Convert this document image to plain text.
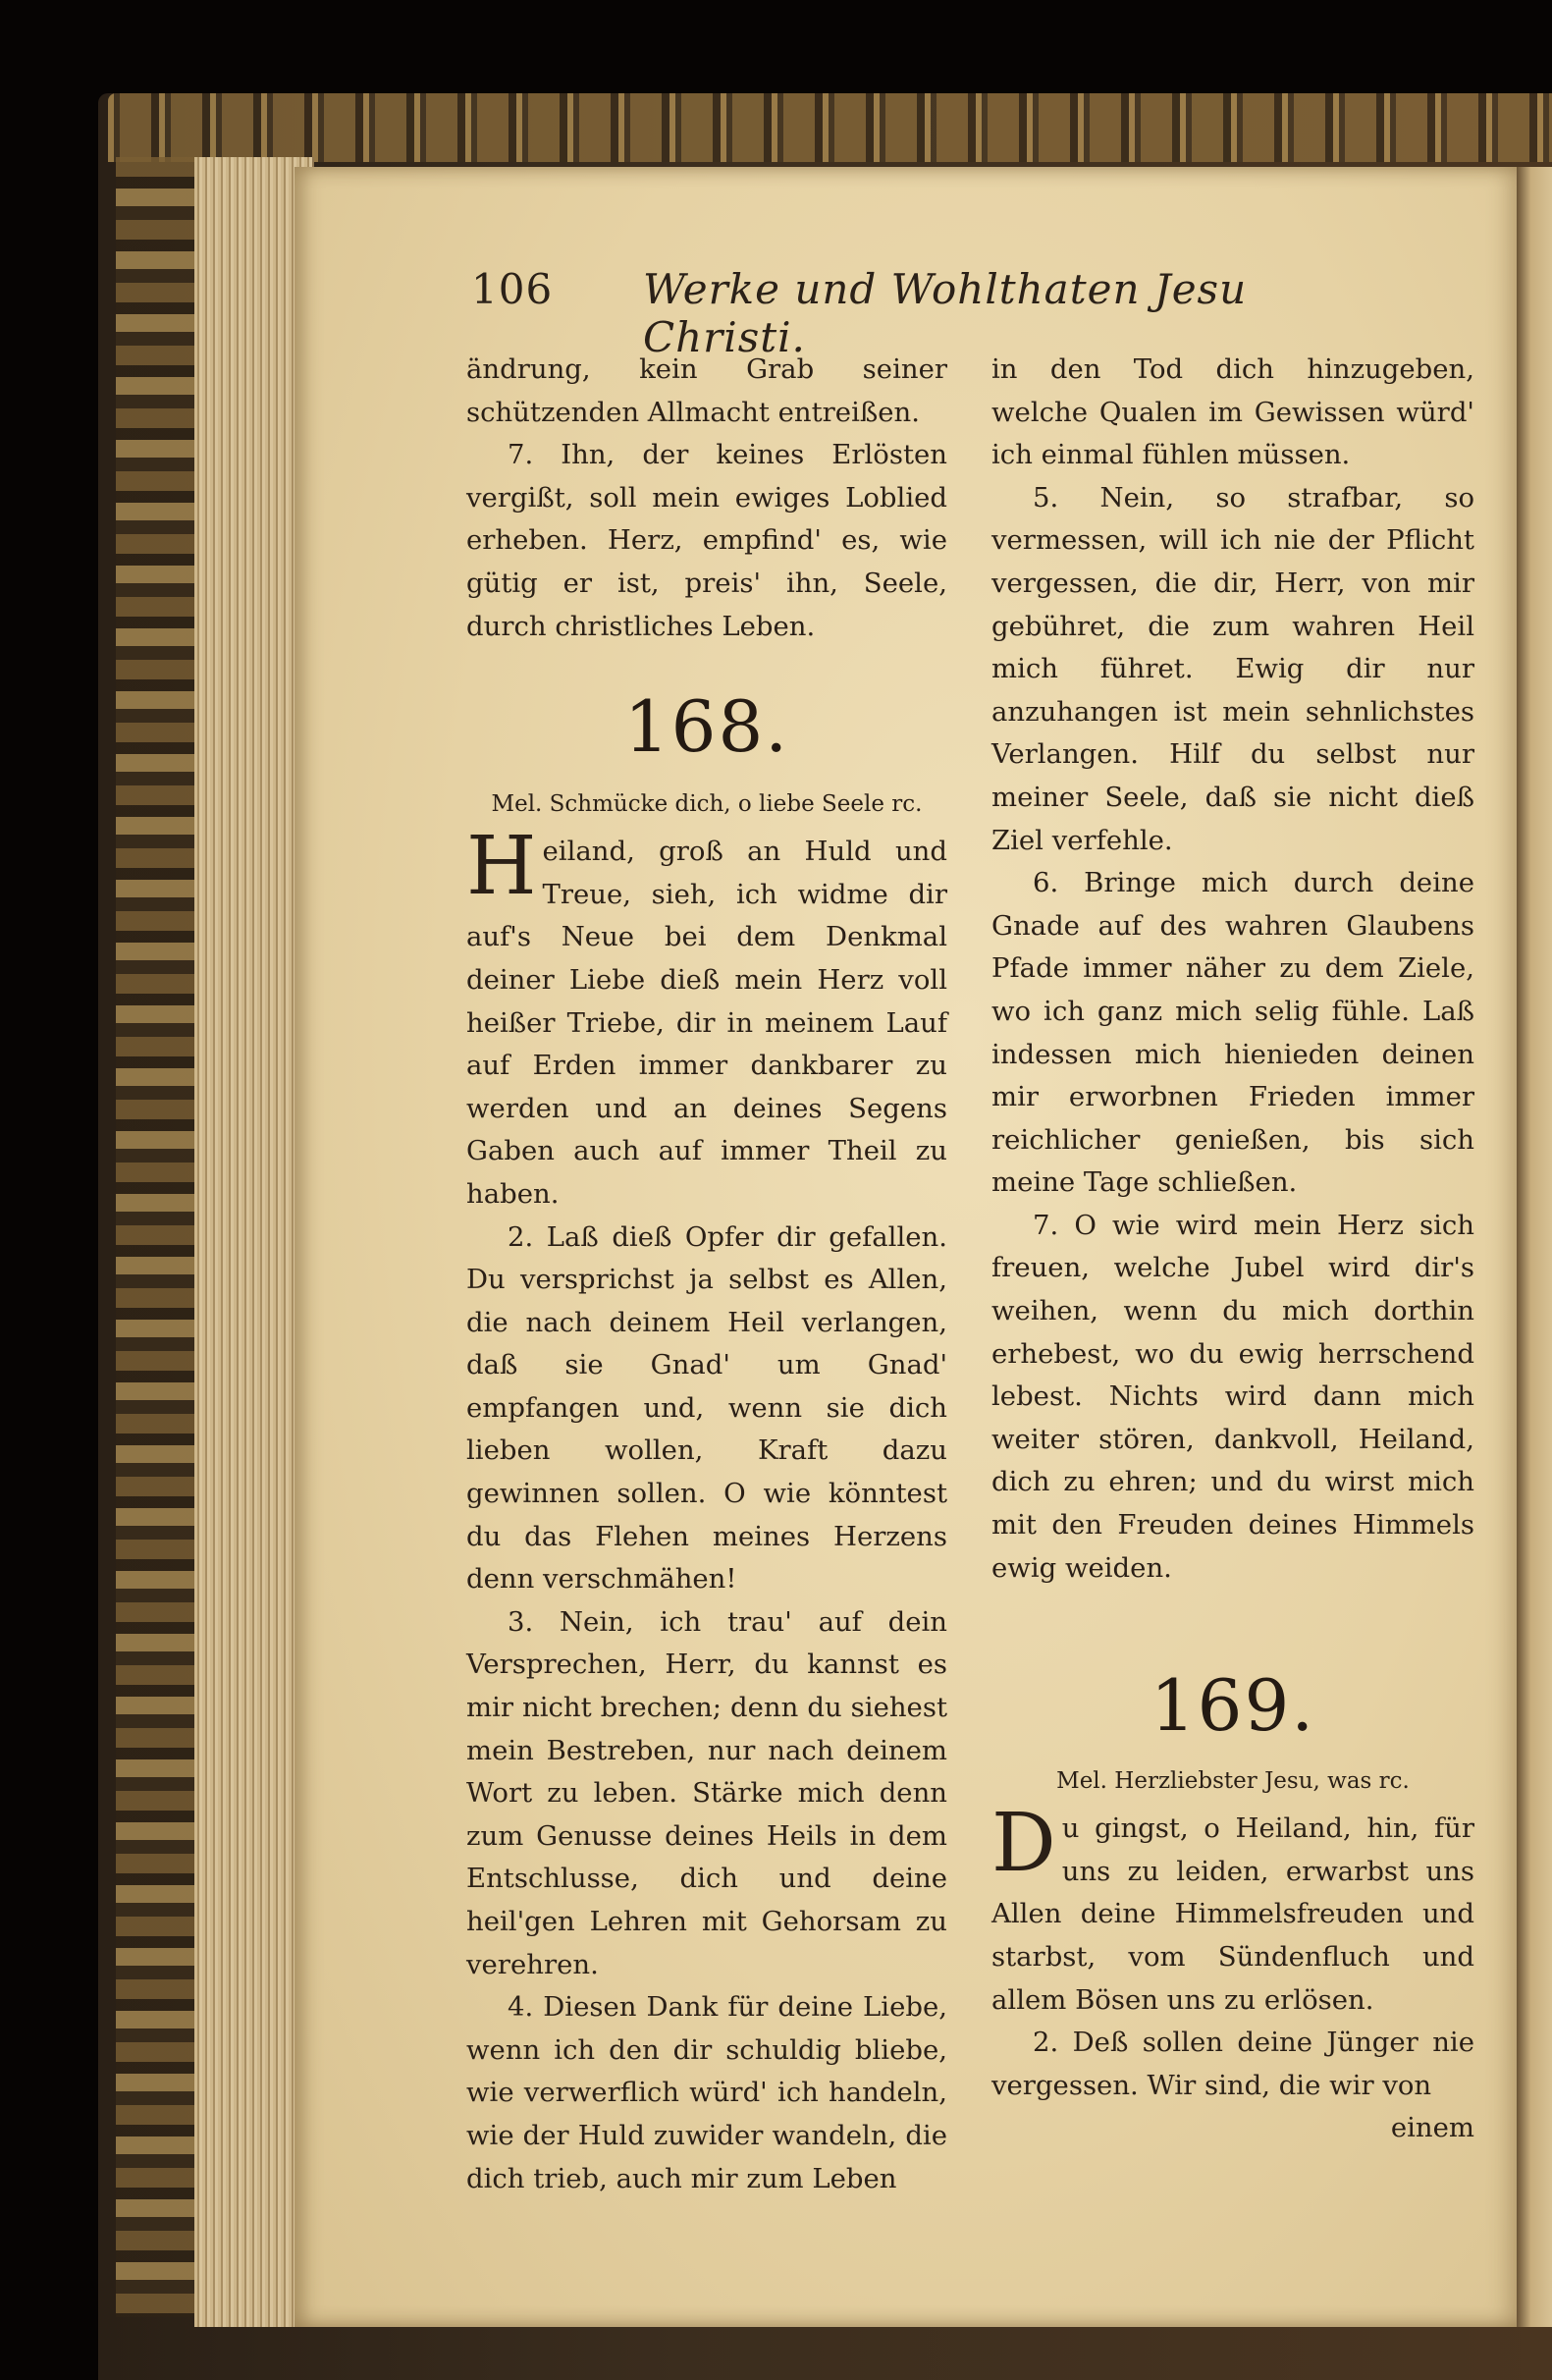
106 Werke und Wohlthaten Jesu Christi.

ändrung, kein Grab seiner schützenden Allmacht entreißen.

7. Ihn, der keines Erlösten vergißt, soll mein ewiges Loblied erheben. Herz, empfind' es, wie gütig er ist, preis' ihn, Seele, durch christliches Leben.

168.
Mel. Schmücke dich, o liebe Seele rc.

Heiland, groß an Huld und Treue, sieh, ich widme dir auf's Neue bei dem Denkmal deiner Liebe dieß mein Herz voll heißer Triebe, dir in meinem Lauf auf Erden immer dankbarer zu werden und an deines Segens Gaben auch auf immer Theil zu haben.

2. Laß dieß Opfer dir gefallen. Du versprichst ja selbst es Allen, die nach deinem Heil verlangen, daß sie Gnad' um Gnad' empfangen und, wenn sie dich lieben wollen, Kraft dazu gewinnen sollen. O wie könntest du das Flehen meines Herzens denn verschmähen!

3. Nein, ich trau' auf dein Versprechen, Herr, du kannst es mir nicht brechen; denn du siehest mein Bestreben, nur nach deinem Wort zu leben. Stärke mich denn zum Genusse deines Heils in dem Entschlusse, dich und deine heil'gen Lehren mit Gehorsam zu verehren.

4. Diesen Dank für deine Liebe, wenn ich den dir schuldig bliebe, wie verwerflich würd' ich handeln, wie der Huld zuwider wandeln, die dich trieb, auch mir zum Leben

in den Tod dich hinzugeben, welche Qualen im Gewissen würd' ich einmal fühlen müssen.

5. Nein, so strafbar, so vermessen, will ich nie der Pflicht vergessen, die dir, Herr, von mir gebühret, die zum wahren Heil mich führet. Ewig dir nur anzuhangen ist mein sehnlichstes Verlangen. Hilf du selbst nur meiner Seele, daß sie nicht dieß Ziel verfehle.

6. Bringe mich durch deine Gnade auf des wahren Glaubens Pfade immer näher zu dem Ziele, wo ich ganz mich selig fühle. Laß indessen mich hienieden deinen mir erworbnen Frieden immer reichlicher genießen, bis sich meine Tage schließen.

7. O wie wird mein Herz sich freuen, welche Jubel wird dir's weihen, wenn du mich dorthin erhebest, wo du ewig herrschend lebest. Nichts wird dann mich weiter stören, dankvoll, Heiland, dich zu ehren; und du wirst mich mit den Freuden deines Himmels ewig weiden.

169.
Mel. Herzliebster Jesu, was rc.

Du gingst, o Heiland, hin, für uns zu leiden, erwarbst uns Allen deine Himmelsfreuden und starbst, vom Sündenfluch und allem Bösen uns zu erlösen.

2. Deß sollen deine Jünger nie vergessen. Wir sind, die wir von

einem
